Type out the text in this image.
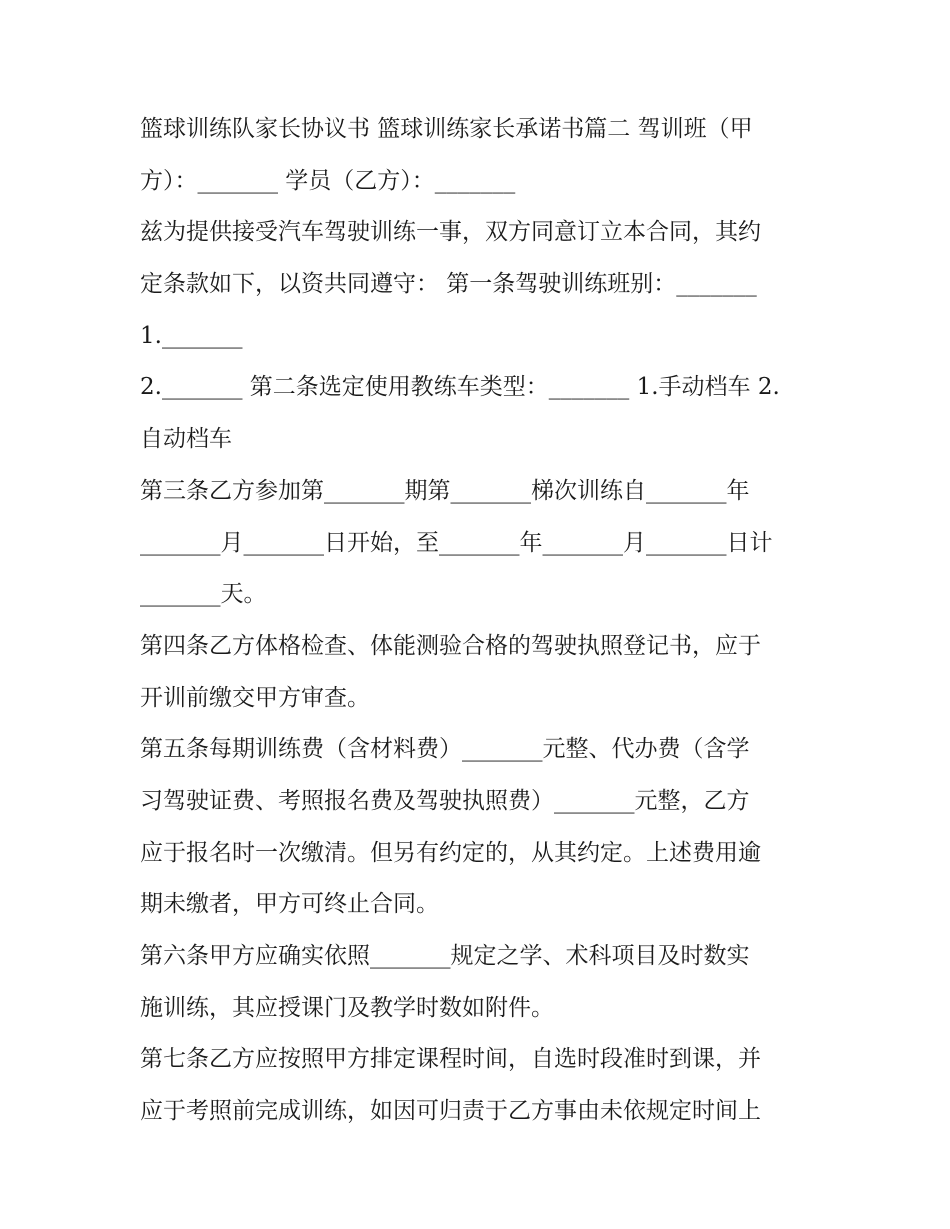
篮球训练队家长协议书 篮球训练家长承诺书篇二 驾训班（甲
方）：_______ 学员（乙方）：_______
兹为提供接受汽车驾驶训练一事，双方同意订立本合同，其约
定条款如下，以资共同遵守： 第一条驾驶训练班别：_______
1._______
2._______ 第二条选定使用教练车类型：_______ 1.手动档车 2.
自动档车
第三条乙方参加第_______期第_______梯次训练自_______年
_______月_______日开始，至_______年_______月_______日计
_______天。
第四条乙方体格检查、体能测验合格的驾驶执照登记书，应于
开训前缴交甲方审查。
第五条每期训练费（含材料费）_______元整、代办费（含学
习驾驶证费、考照报名费及驾驶执照费）_______元整，乙方
应于报名时一次缴清。但另有约定的，从其约定。上述费用逾
期未缴者，甲方可终止合同。
第六条甲方应确实依照_______规定之学、术科项目及时数实
施训练，其应授课门及教学时数如附件。
第七条乙方应按照甲方排定课程时间，自选时段准时到课，并
应于考照前完成训练，如因可归责于乙方事由未依规定时间上
